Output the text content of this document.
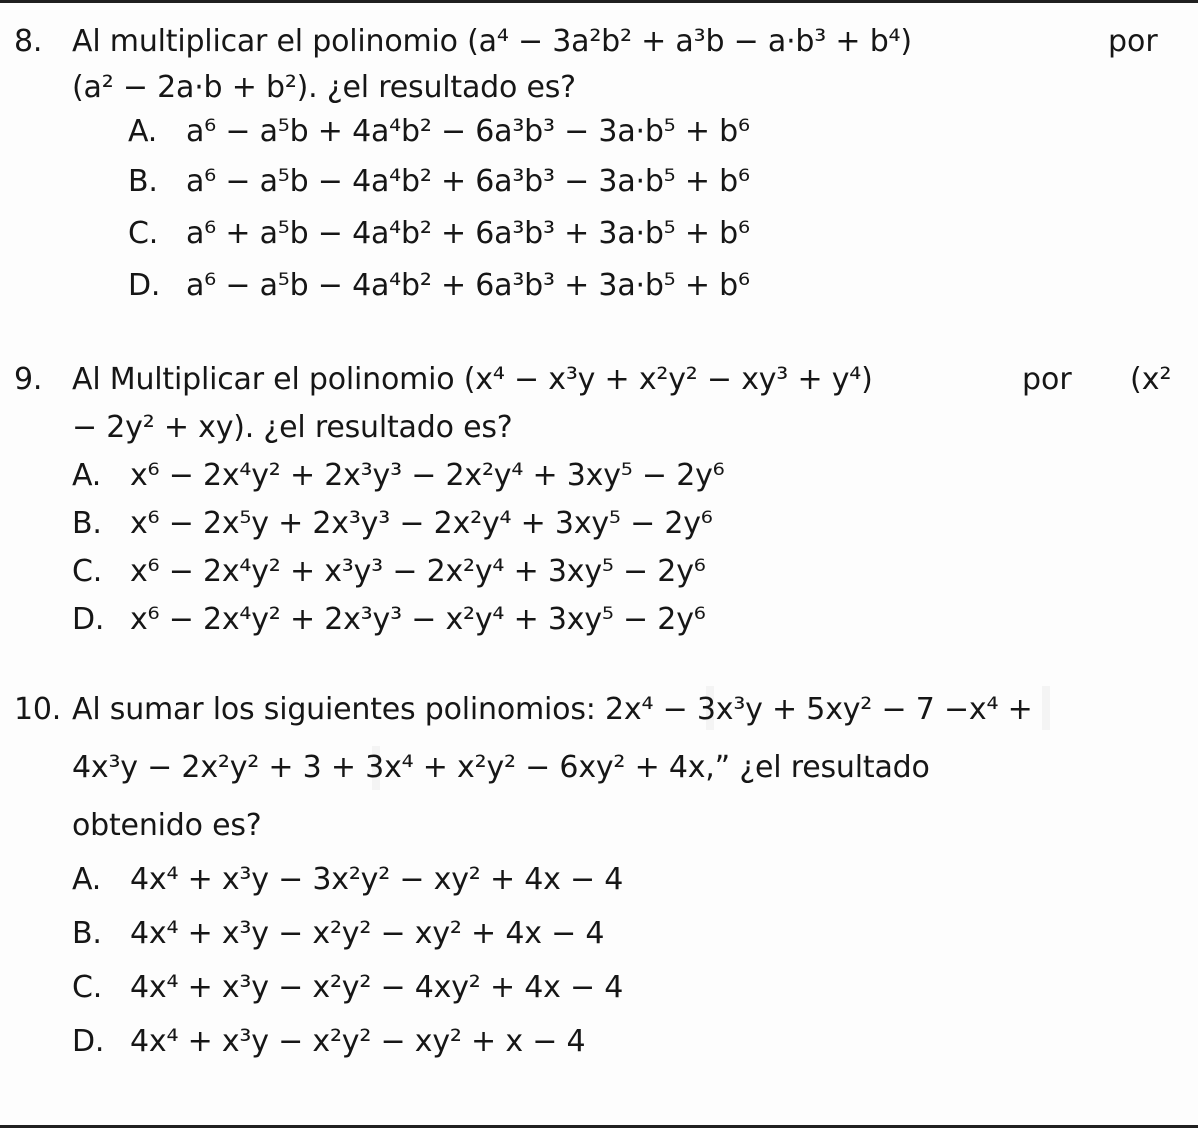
8. Al multiplicar el polinomio (a⁴ − 3a²b² + a³b − a·b³ + b⁴)	por
(a² − 2a·b + b²). ¿el resultado es?
A. a⁶ − a⁵b + 4a⁴b² − 6a³b³ − 3a·b⁵ + b⁶
B. a⁶ − a⁵b − 4a⁴b² + 6a³b³ − 3a·b⁵ + b⁶
C. a⁶ + a⁵b − 4a⁴b² + 6a³b³ + 3a·b⁵ + b⁶
D. a⁶ − a⁵b − 4a⁴b² + 6a³b³ + 3a·b⁵ + b⁶
9. Al Multiplicar el polinomio (x⁴ − x³y + x²y² − xy³ + y⁴)	por (x²
− 2y² + xy). ¿el resultado es?
A. x⁶ − 2x⁴y² + 2x³y³ − 2x²y⁴ + 3xy⁵ − 2y⁶
B. x⁶ − 2x⁵y + 2x³y³ − 2x²y⁴ + 3xy⁵ − 2y⁶
C. x⁶ − 2x⁴y² + x³y³ − 2x²y⁴ + 3xy⁵ − 2y⁶
D. x⁶ − 2x⁴y² + 2x³y³ − x²y⁴ + 3xy⁵ − 2y⁶
10. Al sumar los siguientes polinomios: 2x⁴ − 3x³y + 5xy² − 7 −x⁴ +
4x³y − 2x²y² + 3 + 3x⁴ + x²y² − 6xy² + 4x,” ¿el resultado
obtenido es?
A. 4x⁴ + x³y − 3x²y² − xy² + 4x − 4
B. 4x⁴ + x³y − x²y² − xy² + 4x − 4
C. 4x⁴ + x³y − x²y² − 4xy² + 4x − 4
D. 4x⁴ + x³y − x²y² − xy² + x − 4
